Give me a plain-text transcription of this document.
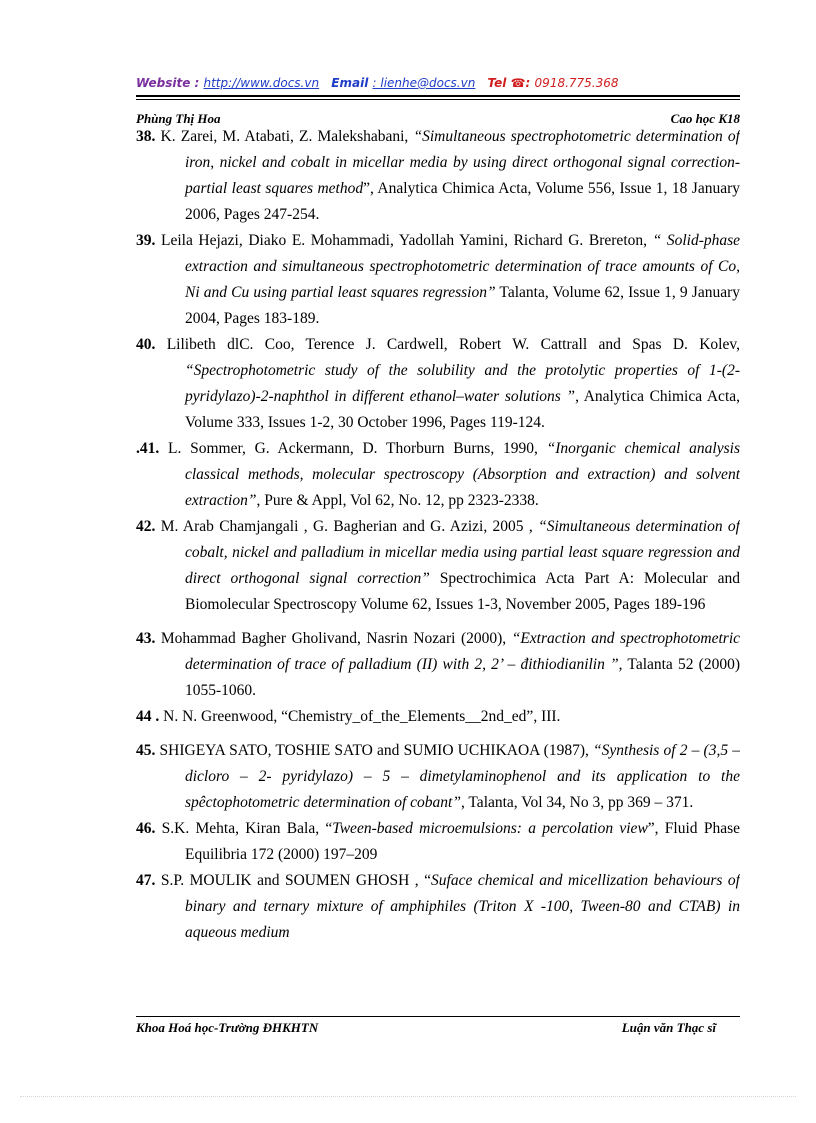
Website : http://www.docs.vn Email : lienhe@docs.vn Tel ☎: 0918.775.368
Phùng Thị Hoa	Cao học K18

38. K. Zarei, M. Atabati, Z. Malekshabani, “Simultaneous spectrophotometric determination of iron, nickel and cobalt in micellar media by using direct orthogonal signal correction-partial least squares method”, Analytica Chimica Acta, Volume 556, Issue 1, 18 January 2006, Pages 247-254.

39. Leila Hejazi, Diako E. Mohammadi, Yadollah Yamini, Richard G. Brereton, “ Solid-phase extraction and simultaneous spectrophotometric determination of trace amounts of Co, Ni and Cu using partial least squares regression” Talanta, Volume 62, Issue 1, 9 January 2004, Pages 183-189.

40. Lilibeth dlC. Coo, Terence J. Cardwell, Robert W. Cattrall and Spas D. Kolev, “Spectrophotometric study of the solubility and the protolytic properties of 1-(2-pyridylazo)-2-naphthol in different ethanol–water solutions ”, Analytica Chimica Acta, Volume 333, Issues 1-2, 30 October 1996, Pages 119-124.

.41. L. Sommer, G. Ackermann, D. Thorburn Burns, 1990, “Inorganic chemical analysis classical methods, molecular spectroscopy (Absorption and extraction) and solvent extraction”, Pure & Appl, Vol 62, No. 12, pp 2323-2338.

42. M. Arab Chamjangali , G. Bagherian and G. Azizi, 2005 , “Simultaneous determination of cobalt, nickel and palladium in micellar media using partial least square regression and direct orthogonal signal correction” Spectrochimica Acta Part A: Molecular and Biomolecular Spectroscopy Volume 62, Issues 1-3, November 2005, Pages 189-196

43. Mohammad Bagher Gholivand, Nasrin Nozari (2000), “Extraction and spectrophotometric determination of trace of palladium (II) with 2, 2’ – đithiodianilin ”, Talanta 52 (2000) 1055-1060.

44 . N. N. Greenwood, “Chemistry_of_the_Elements__2nd_ed”, III.

45. SHIGEYA SATO, TOSHIE SATO and SUMIO UCHIKAOA (1987), “Synthesis of 2 – (3,5 – dicloro – 2- pyridylazo) – 5 – dimetylaminophenol and its application to the spêctophotometric determination of cobant”, Talanta, Vol 34, No 3, pp 369 – 371.

46. S.K. Mehta, Kiran Bala, “Tween-based microemulsions: a percolation view”, Fluid Phase Equilibria 172 (2000) 197–209

47. S.P. MOULIK and SOUMEN GHOSH , “Suface chemical and micellization behaviours of binary and ternary mixture of amphiphiles (Triton X -100, Tween-80 and CTAB) in aqueous medium

Khoa Hoá học-Trường ĐHKHTN	Luận văn Thạc sĩ
